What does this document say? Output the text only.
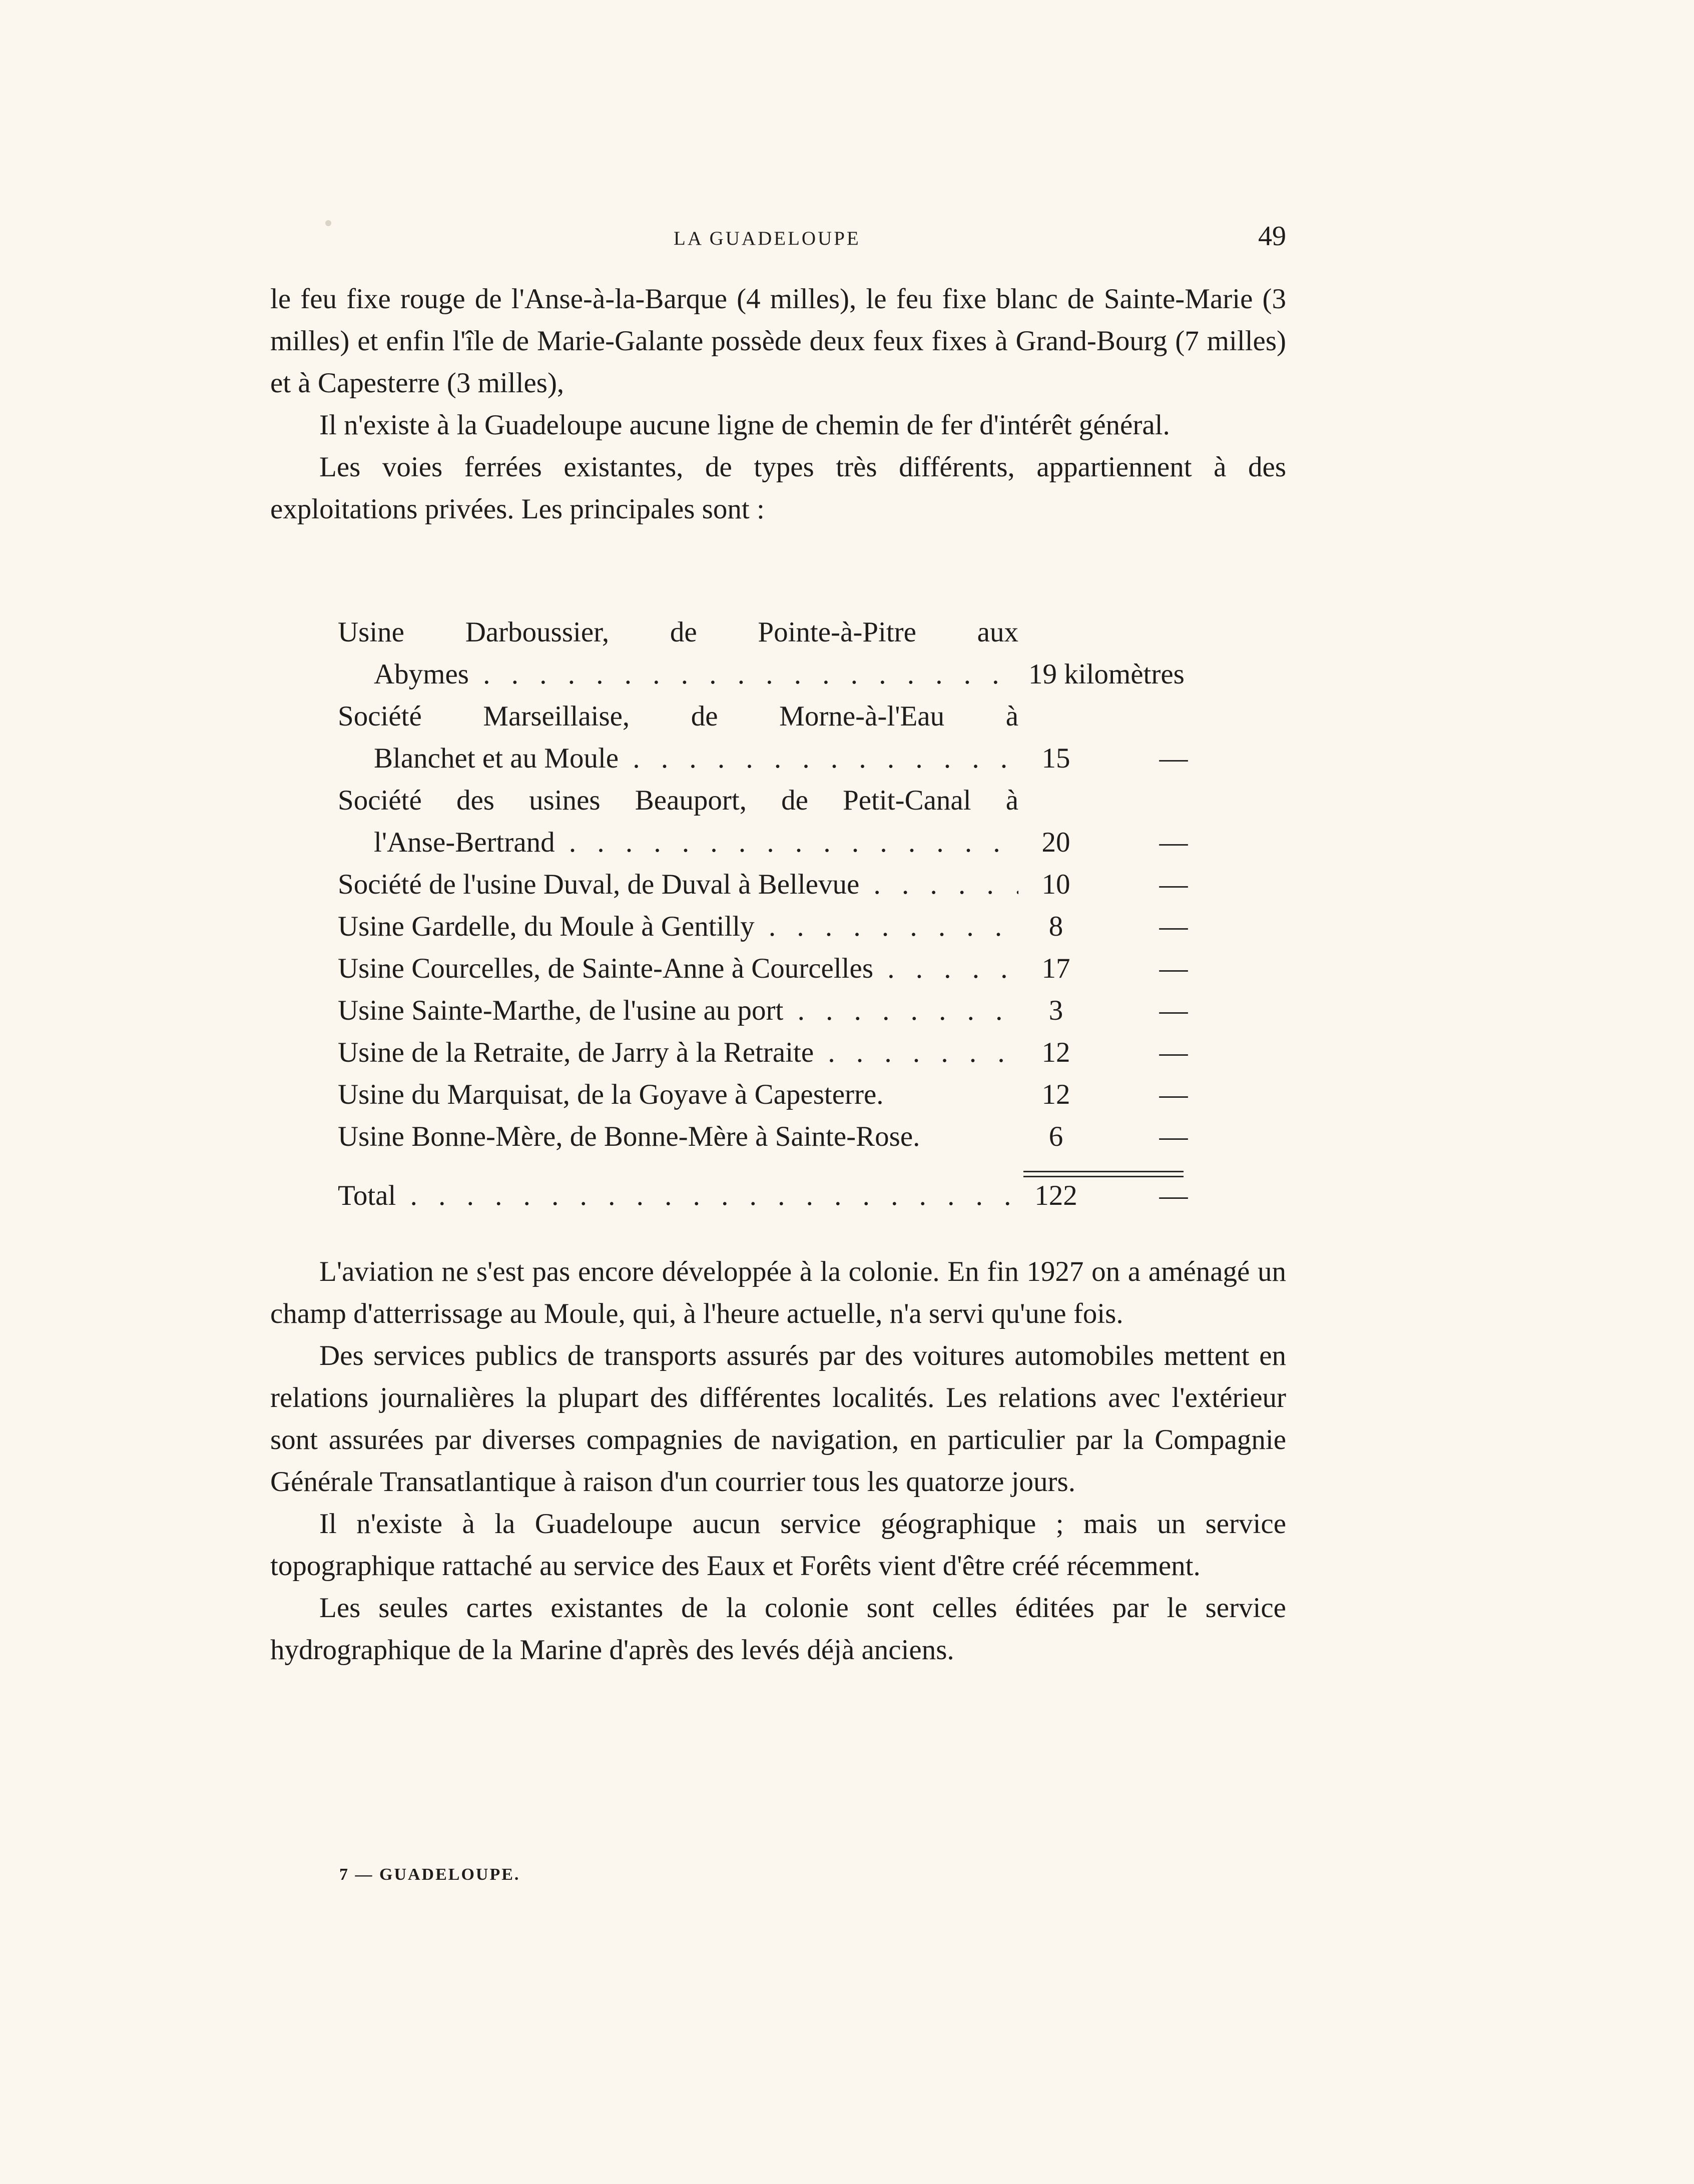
LA GUADELOUPE	49

le feu fixe rouge de l'Anse-à-la-Barque (4 milles), le feu fixe blanc de Sainte-Marie (3 milles) et enfin l'île de Marie-Galante possède deux feux fixes à Grand-Bourg (7 milles) et à Capesterre (3 milles),

Il n'existe à la Guadeloupe aucune ligne de chemin de fer d'intérêt général.

Les voies ferrées existantes, de types très différents, appartiennent à des exploitations privées. Les principales sont :

Usine Darboussier, de Pointe-à-Pitre aux
Abymes . . .	19 kilomètres
Société Marseillaise, de Morne-à-l'Eau à
Blanchet et au Moule . . .	15	—
Société des usines Beauport, de Petit-Canal à
l'Anse-Bertrand . . .	20	—
Société de l'usine Duval, de Duval à Bellevue . . .	10	—
Usine Gardelle, du Moule à Gentilly . . .	8	—
Usine Courcelles, de Sainte-Anne à Courcelles . . .	17	—
Usine Sainte-Marthe, de l'usine au port . . .	3	—
Usine de la Retraite, de Jarry à la Retraite . . .	12	—
Usine du Marquisat, de la Goyave à Capesterre.	12	—
Usine Bonne-Mère, de Bonne-Mère à Sainte-Rose.	6	—
Total . . .	122	—

L'aviation ne s'est pas encore développée à la colonie. En fin 1927 on a aménagé un champ d'atterrissage au Moule, qui, à l'heure actuelle, n'a servi qu'une fois.

Des services publics de transports assurés par des voitures automobiles mettent en relations journalières la plupart des différentes localités. Les relations avec l'extérieur sont assurées par diverses compagnies de navigation, en particulier par la Compagnie Générale Transatlantique à raison d'un courrier tous les quatorze jours.

Il n'existe à la Guadeloupe aucun service géographique ; mais un service topographique rattaché au service des Eaux et Forêts vient d'être créé récemment.

Les seules cartes existantes de la colonie sont celles éditées par le service hydrographique de la Marine d'après des levés déjà anciens.

7 — GUADELOUPE.
